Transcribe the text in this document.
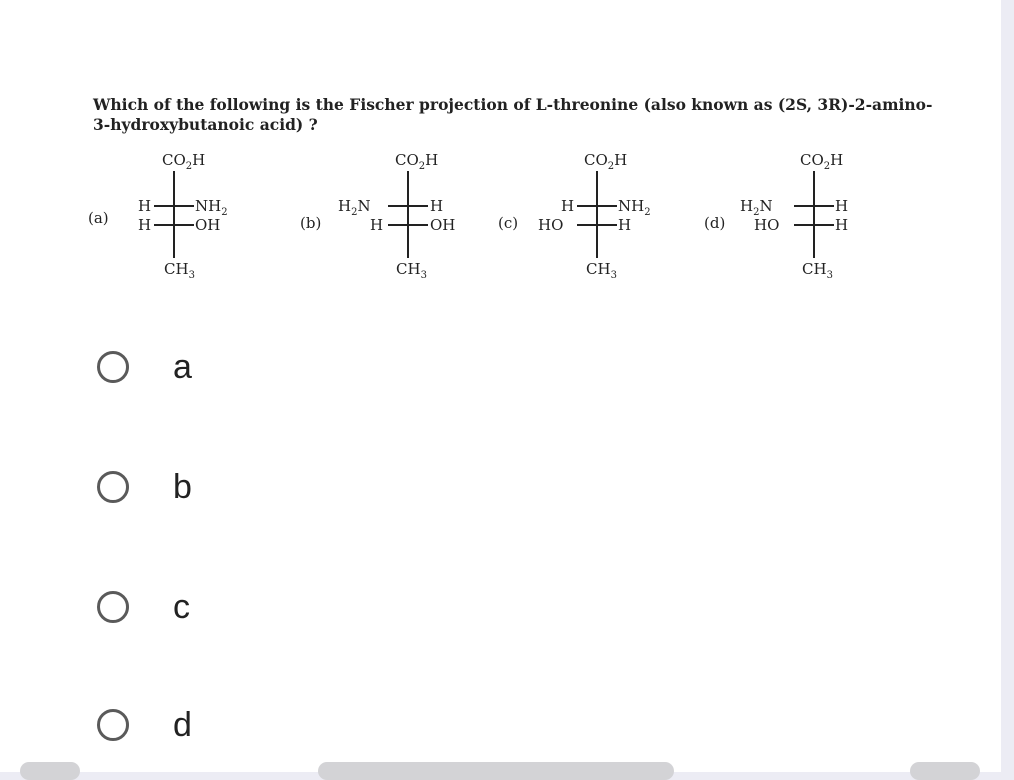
Which of the following is the Fischer projection of L-threonine (also known as (2S, 3R)-2-amino-3-hydroxybutanoic acid) ?
(a)
$CO_2H$
H	$NH_2$
H	OH
$CH_3$
(b)
$CO_2H$
$H_2N$	H
H	OH
$CH_3$
(c)
$CO_2H$
H	$NH_2$
HO	H
$CH_3$
(d)
$CO_2H$
$H_2N$	H
HO	H
$CH_3$
a
b
c
d
